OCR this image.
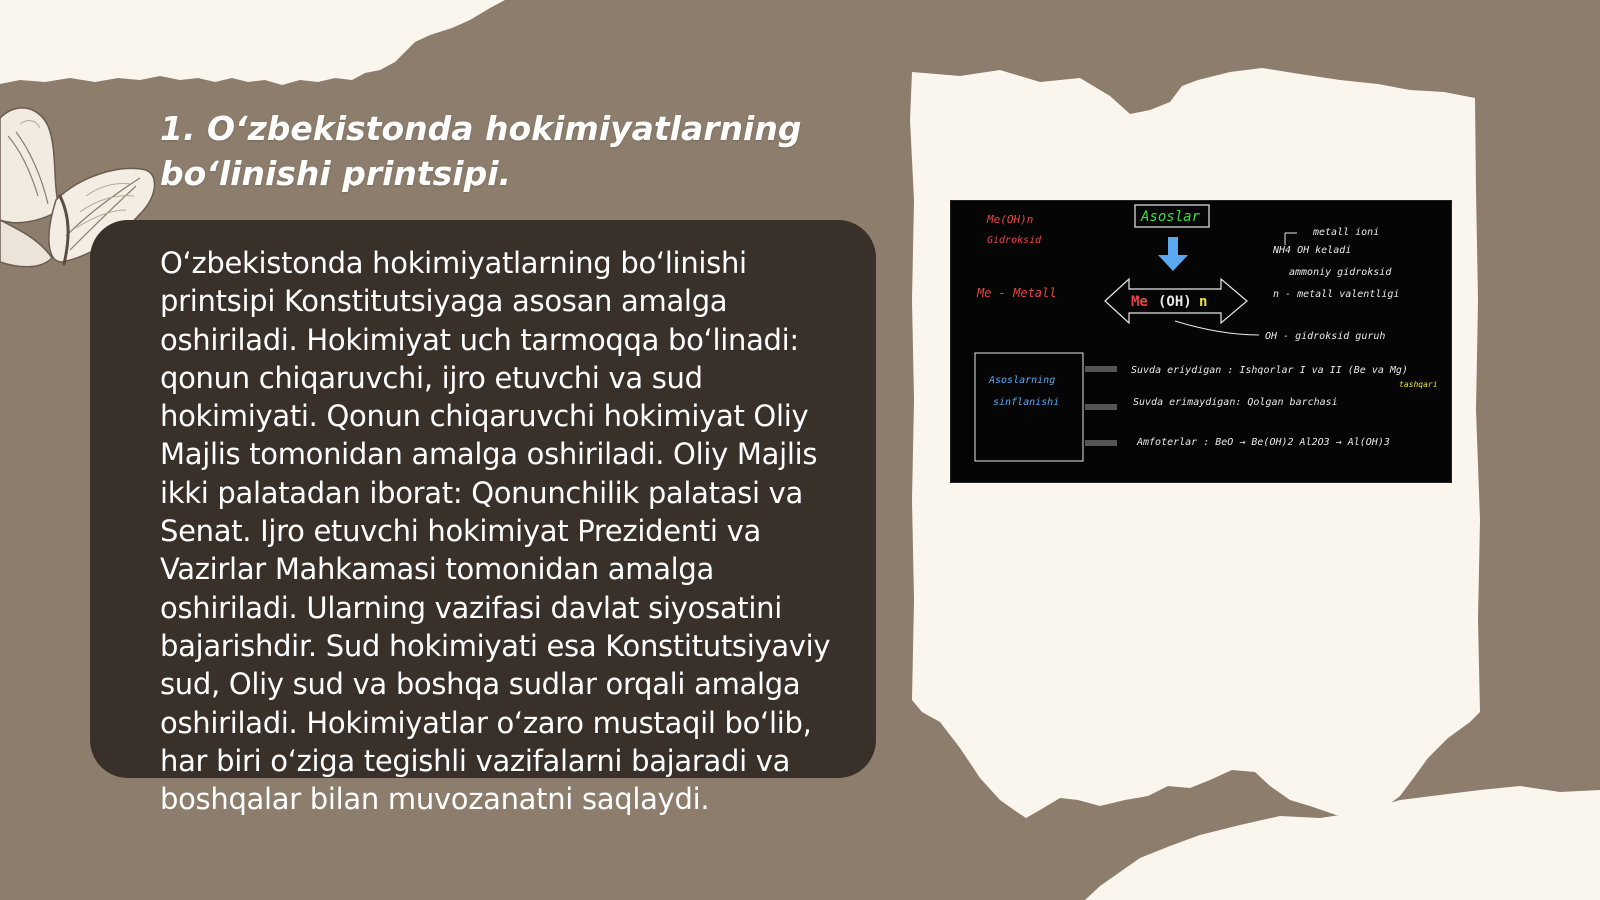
1. O‘zbekistonda hokimiyatlarning bo‘linishi printsipi.

O‘zbekistonda hokimiyatlarning bo‘linishi printsipi Konstitutsiyaga asosan amalga oshiriladi. Hokimiyat uch tarmoqqa bo‘linadi: qonun chiqaruvchi, ijro etuvchi va sud hokimiyati. Qonun chiqaruvchi hokimiyat Oliy Majlis tomonidan amalga oshiriladi. Oliy Majlis ikki palatadan iborat: Qonunchilik palatasi va Senat. Ijro etuvchi hokimiyat Prezidenti va Vazirlar Mahkamasi tomonidan amalga oshiriladi. Ularning vazifasi davlat siyosatini bajarishdir. Sud hokimiyati esa Konstitutsiyaviy sud, Oliy sud va boshqa sudlar orqali amalga oshiriladi. Hokimiyatlar o‘zaro mustaqil bo‘lib, har biri o‘ziga tegishli vazifalarni bajaradi va boshqalar bilan muvozanatni saqlaydi.

Me(OH)n
Gidroksid
Asoslar
Me - Metall
Me (OH) n
metall ioni
NH4 OH keladi
ammoniy gidroksid
n - metall valentligi
OH - gidroksid guruh
Asoslarning
sinflanishi
Suvda eriydigan : Ishqorlar I va II (Be va Mg)
tashqari
Suvda erimaydigan: Qolgan barchasi
Amfoterlar : BeO → Be(OH)2 Al2O3 → Al(OH)3
